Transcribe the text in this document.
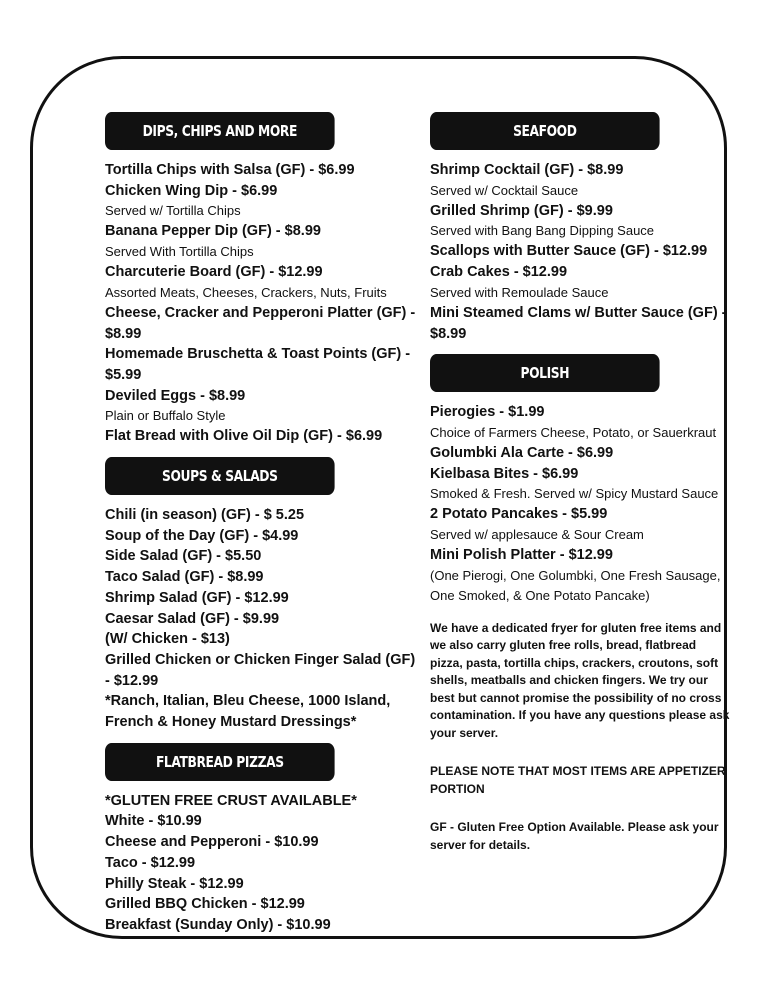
DIPS, CHIPS AND MORE
Tortilla Chips with Salsa (GF) - $6.99
Chicken Wing Dip - $6.99
Served w/ Tortilla Chips
Banana Pepper Dip (GF) - $8.99
Served With Tortilla Chips
Charcuterie Board (GF) - $12.99
Assorted Meats, Cheeses, Crackers, Nuts, Fruits
Cheese, Cracker and Pepperoni Platter (GF) - $8.99
Homemade Bruschetta & Toast Points (GF) - $5.99
Deviled Eggs - $8.99
Plain or Buffalo Style
Flat Bread with Olive Oil Dip (GF) - $6.99
SOUPS & SALADS
Chili (in season) (GF) - $ 5.25
Soup of the Day (GF) - $4.99
Side Salad (GF) - $5.50
Taco Salad (GF) - $8.99
Shrimp Salad (GF) - $12.99
Caesar Salad (GF) - $9.99
(W/ Chicken - $13)
Grilled Chicken or Chicken Finger Salad (GF) - $12.99
*Ranch, Italian, Bleu Cheese, 1000 Island, French & Honey Mustard Dressings*
FLATBREAD PIZZAS
*GLUTEN FREE CRUST AVAILABLE*
White - $10.99
Cheese and Pepperoni - $10.99
Taco - $12.99
Philly Steak - $12.99
Grilled BBQ Chicken - $12.99
Breakfast (Sunday Only) - $10.99
SEAFOOD
Shrimp Cocktail (GF) - $8.99
Served w/ Cocktail Sauce
Grilled Shrimp (GF) - $9.99
Served with Bang Bang Dipping Sauce
Scallops with Butter Sauce (GF) - $12.99
Crab Cakes - $12.99
Served with Remoulade Sauce
Mini Steamed Clams w/ Butter Sauce (GF) - $8.99
POLISH
Pierogies - $1.99
Choice of Farmers Cheese, Potato, or Sauerkraut
Golumbki Ala Carte - $6.99
Kielbasa Bites - $6.99
Smoked & Fresh. Served w/ Spicy Mustard Sauce
2 Potato Pancakes - $5.99
Served w/ applesauce & Sour Cream
Mini Polish Platter - $12.99
(One Pierogi, One Golumbki, One Fresh Sausage, One Smoked, & One Potato Pancake)
We have a dedicated fryer for gluten free items and we also carry gluten free rolls, bread, flatbread pizza, pasta, tortilla chips, crackers, croutons, soft shells, meatballs and chicken fingers. We try our best but cannot promise the possibility of no cross contamination. If you have any questions please ask your server.
PLEASE NOTE THAT MOST ITEMS ARE APPETIZER PORTION
GF - Gluten Free Option Available. Please ask your server for details.
